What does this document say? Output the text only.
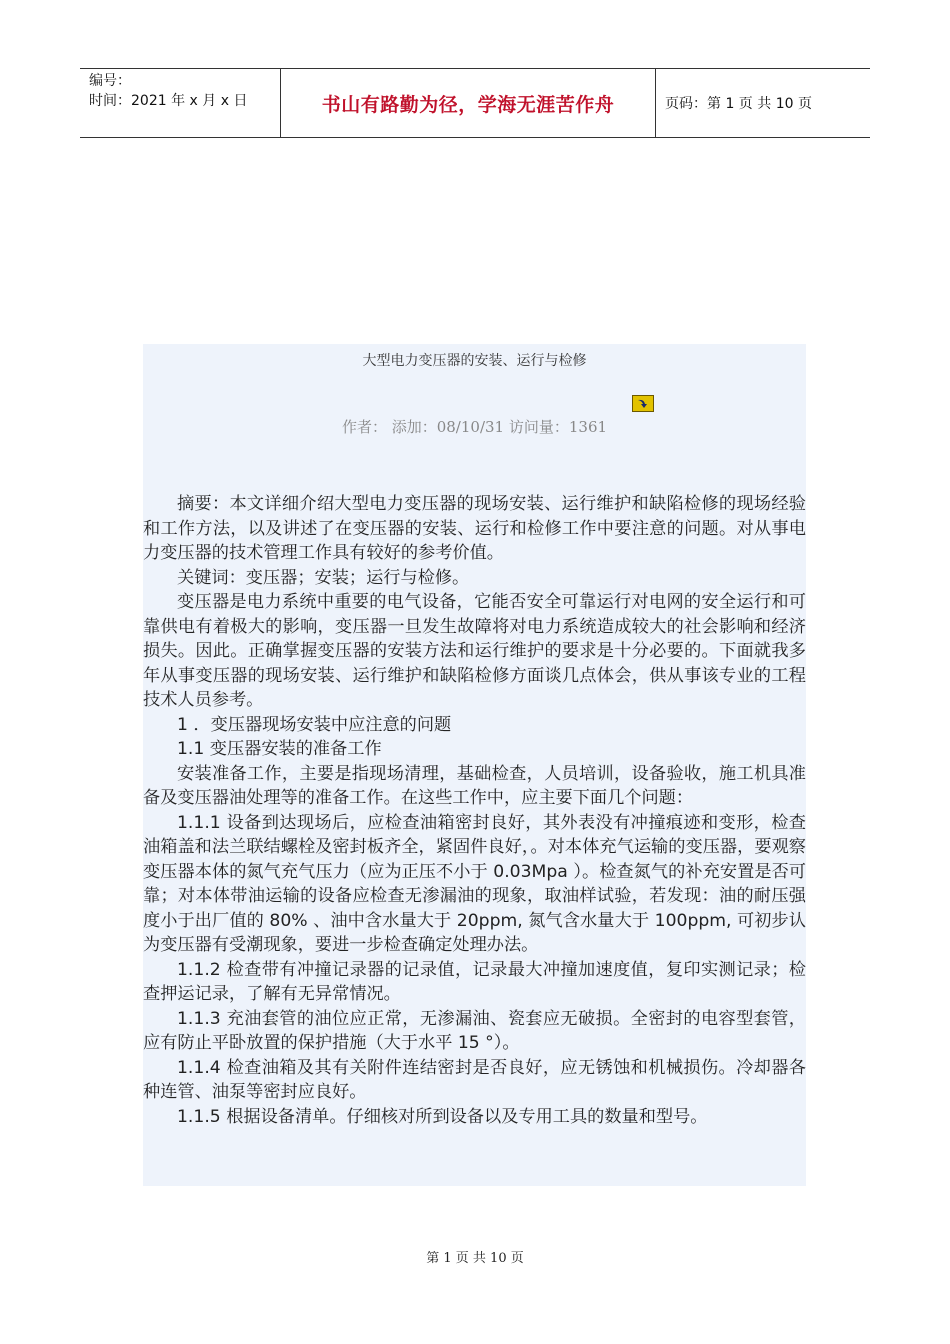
编号：
时间：2021 年 x 月 x 日	书山有路勤为径，学海无涯苦作舟	页码：第 1 页 共 10 页
大型电力变压器的安装、运行与检修
作者： 添加：08/10/31 访问量：1361

摘要：本文详细介绍大型电力变压器的现场安装、运行维护和缺陷检修的现场经验和工作方法，以及讲述了在变压器的安装、运行和检修工作中要注意的问题。对从事电力变压器的技术管理工作具有较好的参考价值。

关键词：变压器；安装；运行与检修。

变压器是电力系统中重要的电气设备，它能否安全可靠运行对电网的安全运行和可靠供电有着极大的影响，变压器一旦发生故障将对电力系统造成较大的社会影响和经济损失。因此。正确掌握变压器的安装方法和运行维护的要求是十分必要的。下面就我多年从事变压器的现场安装、运行维护和缺陷检修方面谈几点体会，供从事该专业的工程技术人员参考。

1 ．变压器现场安装中应注意的问题

1.1 变压器安装的准备工作

安装准备工作，主要是指现场清理，基础检查，人员培训，设备验收，施工机具准备及变压器油处理等的准备工作。在这些工作中，应主要下面几个问题：

1.1.1 设备到达现场后，应检查油箱密封良好，其外表没有冲撞痕迹和变形，检查油箱盖和法兰联结螺栓及密封板齐全，紧固件良好，。对本体充气运输的变压器，要观察变压器本体的氮气充气压力（应为正压不小于 0.03Mpa ）。检查氮气的补充安置是否可靠；对本体带油运输的设备应检查无渗漏油的现象，取油样试验，若发现：油的耐压强度小于出厂值的 80% 、油中含水量大于 20ppm, 氮气含水量大于 100ppm, 可初步认为变压器有受潮现象，要进一步检查确定处理办法。

1.1.2 检查带有冲撞记录器的记录值，记录最大冲撞加速度值，复印实测记录；检查押运记录，了解有无异常情况。

1.1.3 充油套管的油位应正常，无渗漏油、瓷套应无破损。全密封的电容型套管，应有防止平卧放置的保护措施（大于水平 15 °）。

1.1.4 检查油箱及其有关附件连结密封是否良好，应无锈蚀和机械损伤。冷却器各种连管、油泵等密封应良好。

1.1.5 根据设备清单。仔细核对所到设备以及专用工具的数量和型号。

第 1 页 共 10 页
